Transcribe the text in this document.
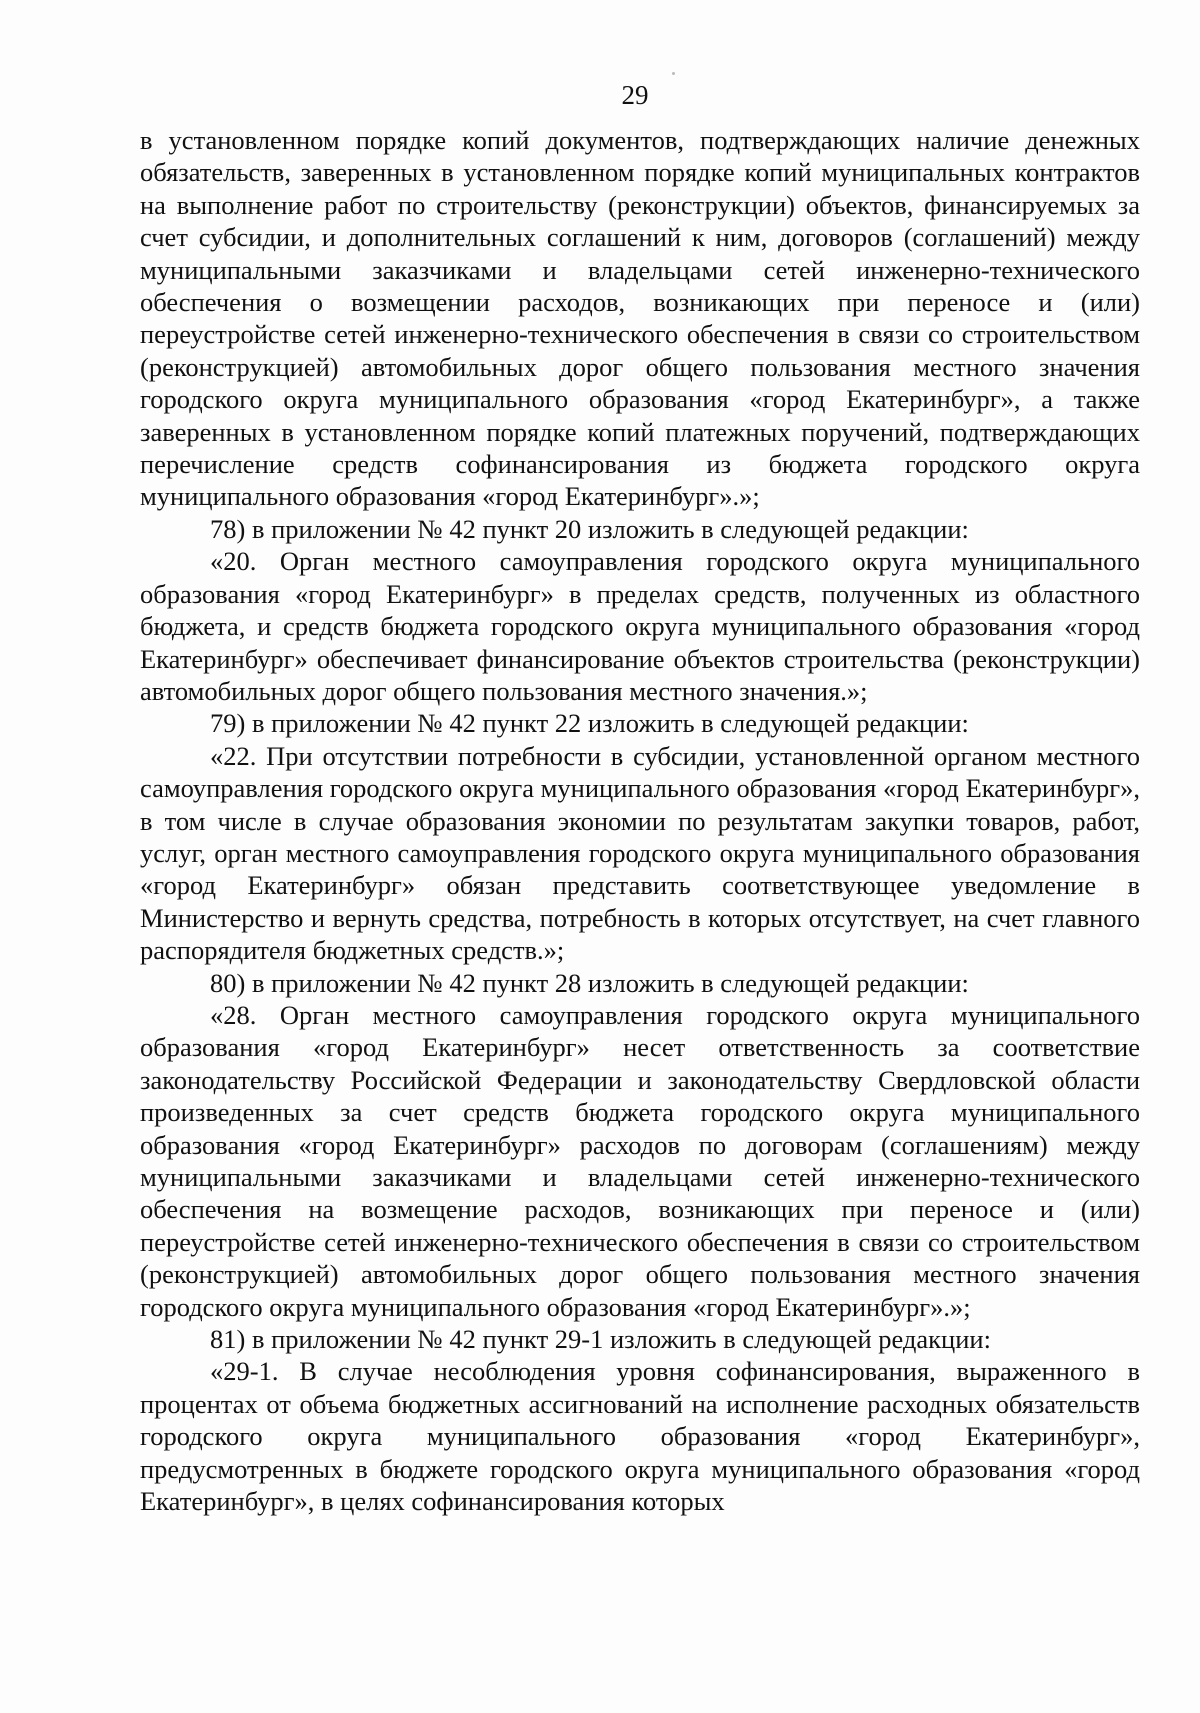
29

в установленном порядке копий документов, подтверждающих наличие денежных обязательств, заверенных в установленном порядке копий муниципальных контрактов на выполнение работ по строительству (реконструкции) объектов, финансируемых за счет субсидии, и дополнительных соглашений к ним, договоров (соглашений) между муниципальными заказчиками и владельцами сетей инженерно-технического обеспечения о возмещении расходов, возникающих при переносе и (или) переустройстве сетей инженерно-технического обеспечения в связи со строительством (реконструкцией) автомобильных дорог общего пользования местного значения городского округа муниципального образования «город Екатеринбург», а также заверенных в установленном порядке копий платежных поручений, подтверждающих перечисление средств софинансирования из бюджета городского округа муниципального образования «город Екатеринбург».»;

78) в приложении № 42 пункт 20 изложить в следующей редакции:

«20. Орган местного самоуправления городского округа муниципального образования «город Екатеринбург» в пределах средств, полученных из областного бюджета, и средств бюджета городского округа муниципального образования «город Екатеринбург» обеспечивает финансирование объектов строительства (реконструкции) автомобильных дорог общего пользования местного значения.»;

79) в приложении № 42 пункт 22 изложить в следующей редакции:

«22. При отсутствии потребности в субсидии, установленной органом местного самоуправления городского округа муниципального образования «город Екатеринбург», в том числе в случае образования экономии по результатам закупки товаров, работ, услуг, орган местного самоуправления городского округа муниципального образования «город Екатеринбург» обязан представить соответствующее уведомление в Министерство и вернуть средства, потребность в которых отсутствует, на счет главного распорядителя бюджетных средств.»;

80) в приложении № 42 пункт 28 изложить в следующей редакции:

«28. Орган местного самоуправления городского округа муниципального образования «город Екатеринбург» несет ответственность за соответствие законодательству Российской Федерации и законодательству Свердловской области произведенных за счет средств бюджета городского округа муниципального образования «город Екатеринбург» расходов по договорам (соглашениям) между муниципальными заказчиками и владельцами сетей инженерно-технического обеспечения на возмещение расходов, возникающих при переносе и (или) переустройстве сетей инженерно-технического обеспечения в связи со строительством (реконструкцией) автомобильных дорог общего пользования местного значения городского округа муниципального образования «город Екатеринбург».»;

81) в приложении № 42 пункт 29-1 изложить в следующей редакции:

«29-1. В случае несоблюдения уровня софинансирования, выраженного в процентах от объема бюджетных ассигнований на исполнение расходных обязательств городского округа муниципального образования «город Екатеринбург», предусмотренных в бюджете городского округа муниципального образования «город Екатеринбург», в целях софинансирования которых
